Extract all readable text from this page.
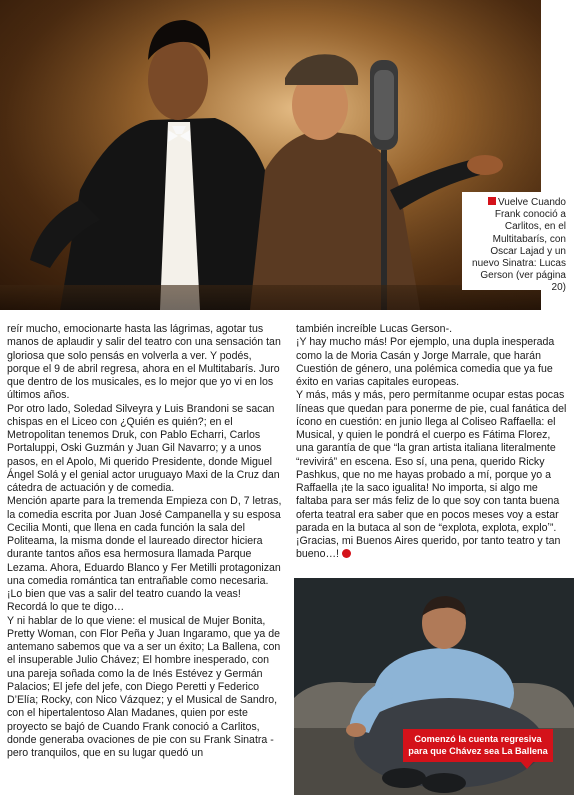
Vuelve Cuando Frank conoció a Carlitos, en el Multitabarís, con Oscar Lajad y un nuevo Sinatra: Lucas Gerson (ver página 20)

reír mucho, emocionarte hasta las lágrimas, agotar tus manos de aplaudir y salir del teatro con una sensación tan gloriosa que solo pensás en volverla a ver. Y podés, porque el 9 de abril regresa, ahora en el Multitabarís. Juro que dentro de los musicales, es lo mejor que yo vi en los últimos años.

Por otro lado, Soledad Silveyra y Luis Brandoni se sacan chispas en el Liceo con ¿Quién es quién?; en el Metropolitan tenemos Druk, con Pablo Echarri, Carlos Portaluppi, Oski Guzmán y Juan Gil Navarro; y a unos pasos, en el Apolo, Mi querido Presidente, donde Miguel Ángel Solá y el genial actor uruguayo Maxi de la Cruz dan cátedra de actuación y de comedia.

Mención aparte para la tremenda Empieza con D, 7 letras, la comedia escrita por Juan José Campanella y su esposa Cecilia Monti, que llena en cada función la sala del Politeama, la misma donde el laureado director hiciera durante tantos años esa hermosura llamada Parque Lezama. Ahora, Eduardo Blanco y Fer Metilli protagonizan una comedia romántica tan entrañable como necesaria. ¡Lo bien que vas a salir del teatro cuando la veas! Recordá lo que te digo…

Y ni hablar de lo que viene: el musical de Mujer Bonita, Pretty Woman, con Flor Peña y Juan Ingaramo, que ya de antemano sabemos que va a ser un éxito; La Ballena, con el insuperable Julio Chávez; El hombre inesperado, con una pareja soñada como la de Inés Estévez y Germán Palacios; El jefe del jefe, con Diego Peretti y Federico D’Elía; Rocky, con Nico Vázquez; y el Musical de Sandro, con el hipertalentoso Alan Madanes, quien por este proyecto se bajó de Cuando Frank conoció a Carlitos, donde generaba ovaciones de pie con su Frank Sinatra -pero tranquilos, que en su lugar quedó un

también increíble Lucas Gerson-.

¡Y hay mucho más! Por ejemplo, una dupla inesperada como la de Moria Casán y Jorge Marrale, que harán Cuestión de género, una polémica comedia que ya fue éxito en varias capitales europeas.

Y más, más y más, pero permítanme ocupar estas pocas líneas que quedan para ponerme de pie, cual fanática del ícono en cuestión: en junio llega al Coliseo Raffaella: el Musical, y quien le pondrá el cuerpo es Fátima Florez, una garantía de que “la gran artista italiana literalmente “revivirá” en escena. Eso sí, una pena, querido Ricky Pashkus, que no me hayas probado a mí, porque yo a Raffaella ¡te la saco igualita! No importa, si algo me faltaba para ser más feliz de lo que soy con tanta buena oferta teatral era saber que en pocos meses voy a estar parada en la butaca al son de “explota, explota, exploʼ”. ¡Gracias, mi Buenos Aires querido, por tanto teatro y tan bueno…!

Comenzó la cuenta regresiva para que Chávez sea La Ballena
